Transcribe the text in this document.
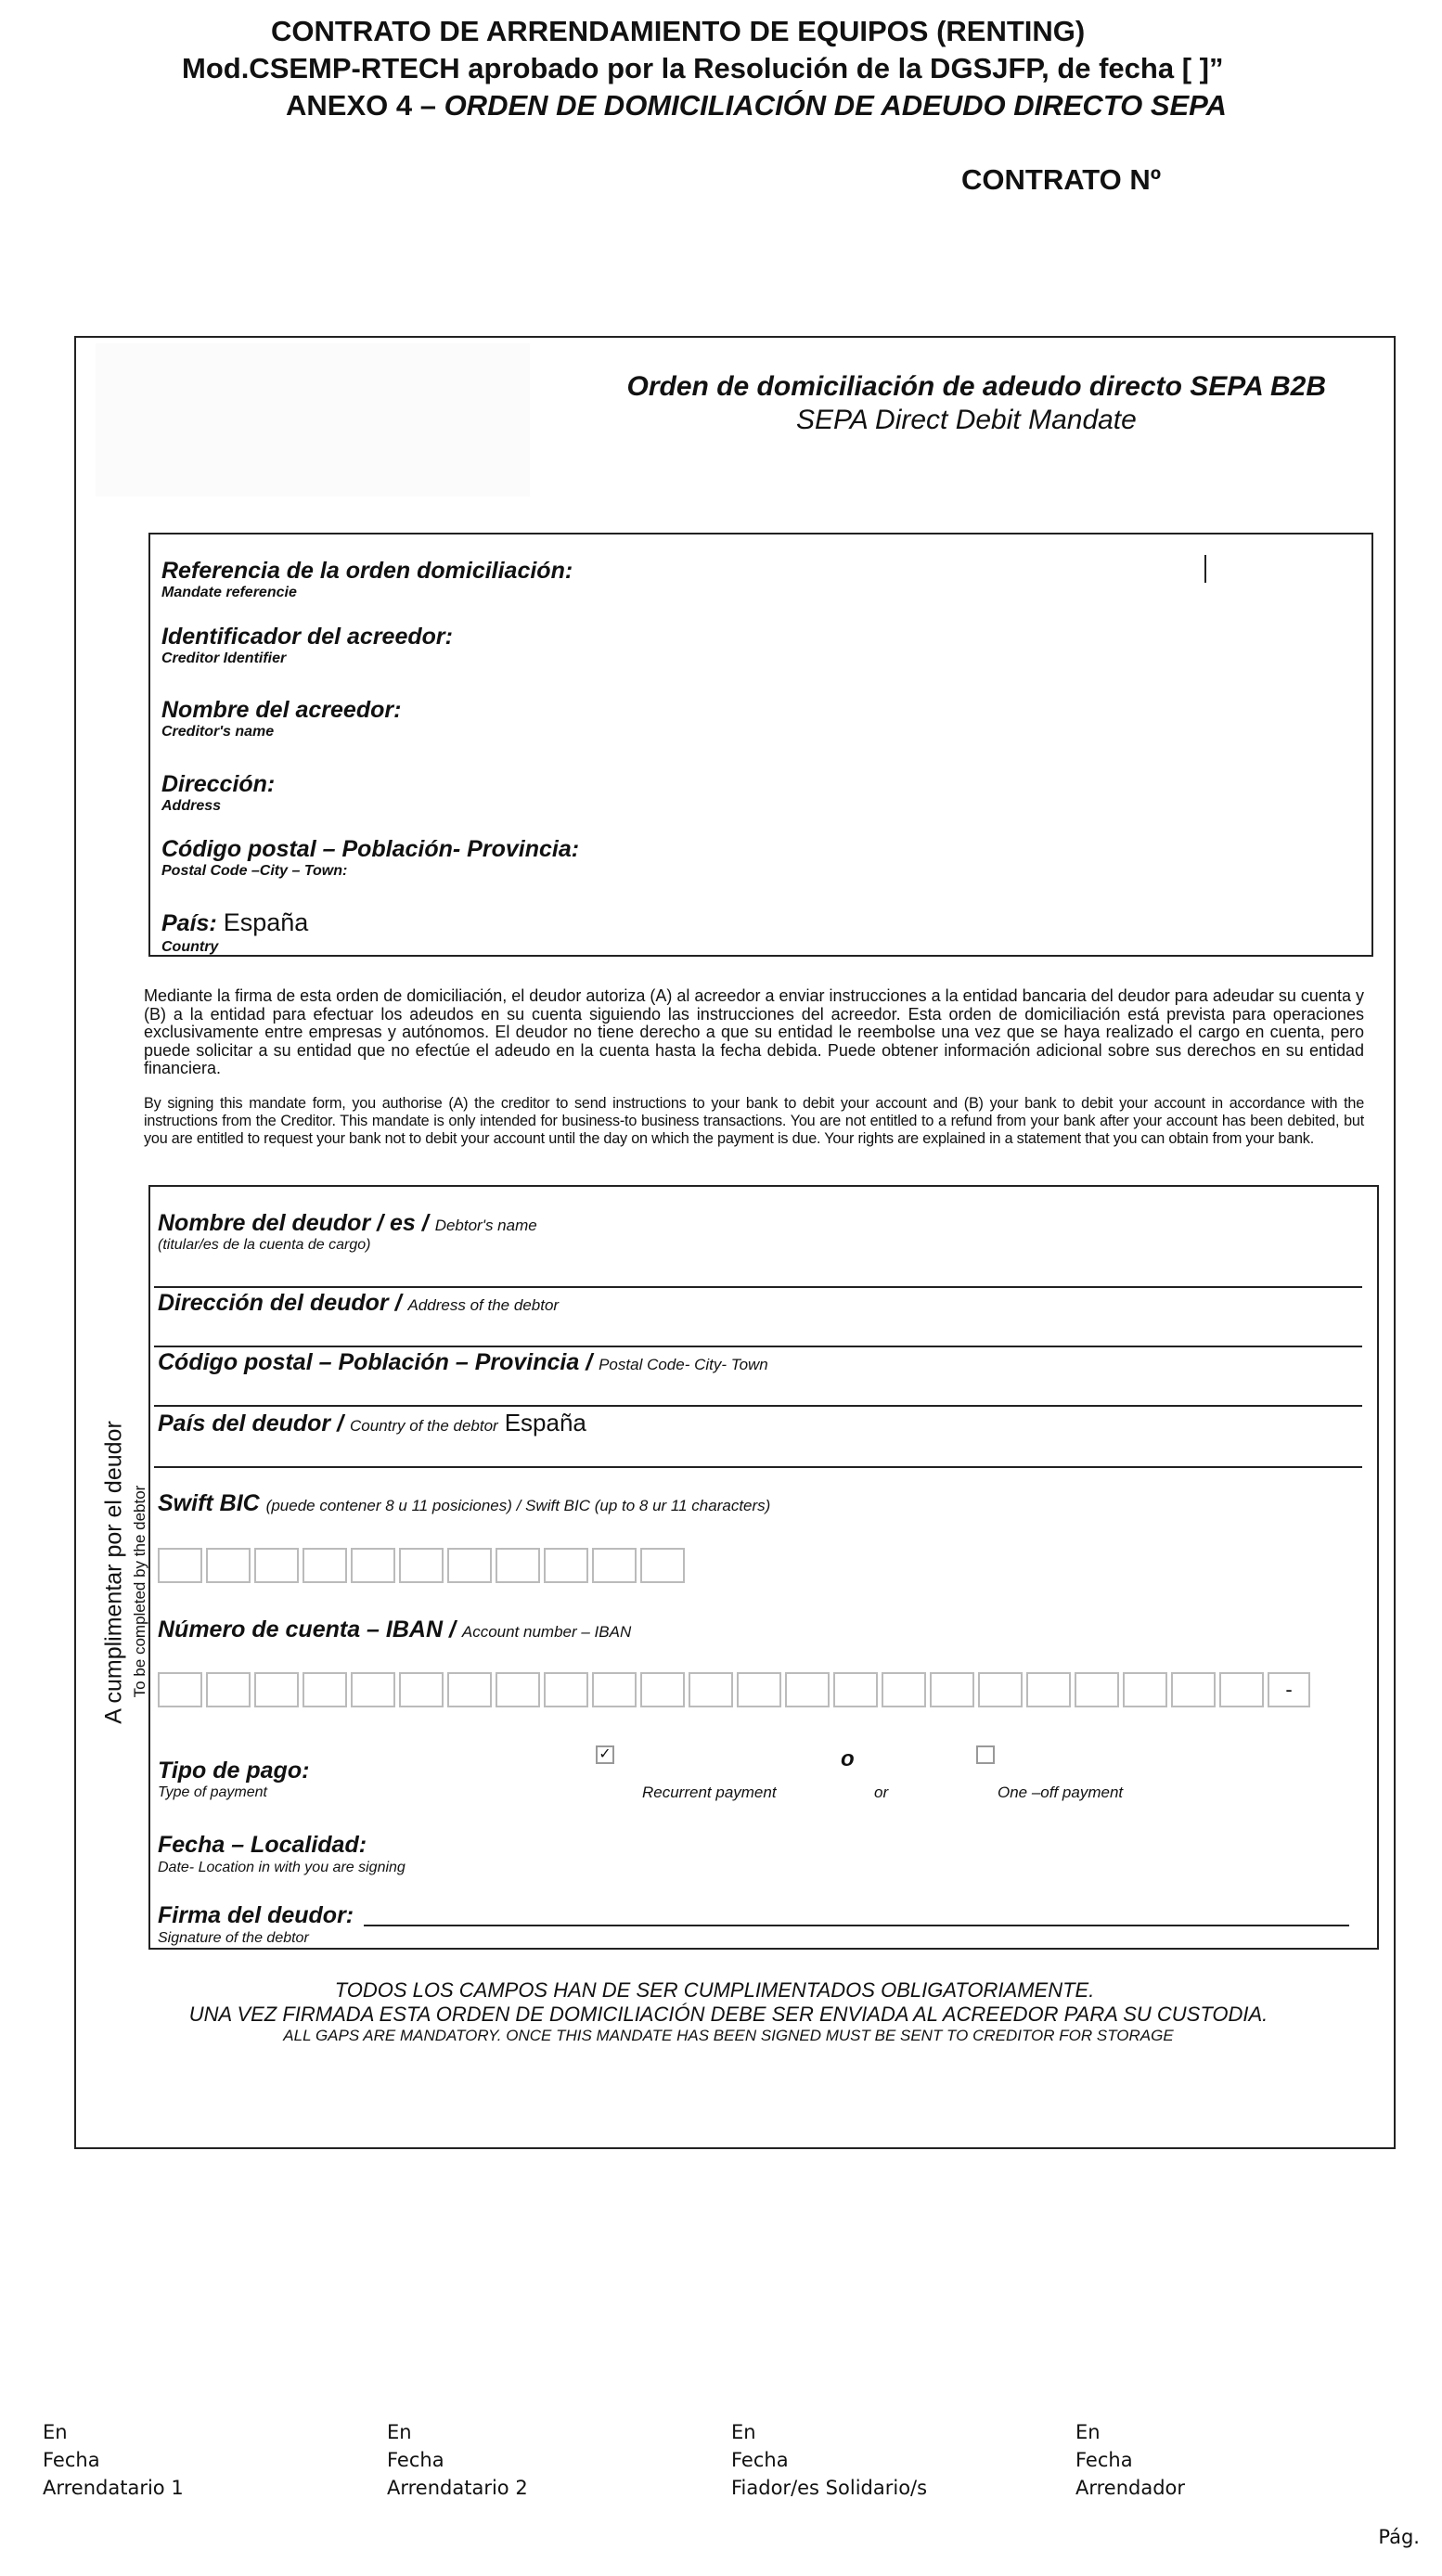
CONTRATO DE ARRENDAMIENTO DE EQUIPOS (RENTING)
Mod.CSEMP-RTECH aprobado por la Resolución de la DGSJFP, de fecha [ ]”
ANEXO 4 – ORDEN DE DOMICILIACIÓN DE ADEUDO DIRECTO SEPA
CONTRATO Nº
Orden de domiciliación de adeudo directo SEPA B2B
SEPA Direct Debit Mandate
Referencia de la orden domiciliación:
Mandate referencie
Identificador del acreedor:
Creditor Identifier
Nombre del acreedor:
Creditor's name
Dirección:
Address
Código postal – Población- Provincia:
Postal Code –City – Town:
País: España
Country
Mediante la firma de esta orden de domiciliación, el deudor autoriza (A) al acreedor a enviar instrucciones a la entidad bancaria del deudor para adeudar su cuenta y (B) a la entidad para efectuar los adeudos en su cuenta siguiendo las instrucciones del acreedor. Esta orden de domiciliación está prevista para operaciones exclusivamente entre empresas y autónomos. El deudor no tiene derecho a que su entidad le reembolse una vez que se haya realizado el cargo en cuenta, pero puede solicitar a su entidad que no efectúe el adeudo en la cuenta hasta la fecha debida. Puede obtener información adicional sobre sus derechos en su entidad financiera.
By signing this mandate form, you authorise (A) the creditor to send instructions to your bank to debit your account and (B) your bank to debit your account in accordance with the instructions from the Creditor. This mandate is only intended for business-to business transactions. You are not entitled to a refund from your bank after your account has been debited, but you are entitled to request your bank not to debit your account until the day on which the payment is due. Your rights are explained in a statement that you can obtain from your bank.
A cumplimentar por el deudor To be completed by the debtor
Nombre del deudor / es / Debtor's name
(titular/es de la cuenta de cargo)
Dirección del deudor / Address of the debtor
Código postal – Población – Provincia / Postal Code- City- Town
País del deudor / Country of the debtor España
Swift BIC (puede contener 8 u 11 posiciones) / Swift BIC (up to 8 ur 11 characters)
Número de cuenta – IBAN / Account number – IBAN
-
Tipo de pago:
Type of payment
✓	o
Recurrent payment	or	One –off payment
Fecha – Localidad:
Date- Location in with you are signing
Firma del deudor:
Signature of the debtor
TODOS LOS CAMPOS HAN DE SER CUMPLIMENTADOS OBLIGATORIAMENTE.
UNA VEZ FIRMADA ESTA ORDEN DE DOMICILIACIÓN DEBE SER ENVIADA AL ACREEDOR PARA SU CUSTODIA.
ALL GAPS ARE MANDATORY. ONCE THIS MANDATE HAS BEEN SIGNED MUST BE SENT TO CREDITOR FOR STORAGE
En
Fecha
Arrendatario 1
En
Fecha
Arrendatario 2
En
Fecha
Fiador/es Solidario/s
En
Fecha
Arrendador
Pág.
